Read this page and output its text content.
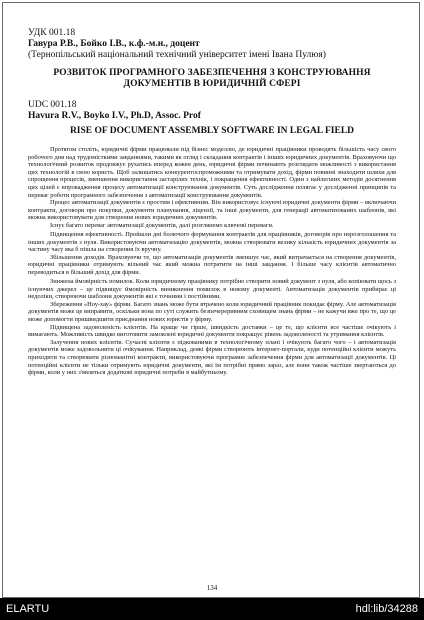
УДК 001.18

Гавура Р.В., Бойко І.В., к.ф.-м.н., доцент

(Тернопільський національний технічний університет імені Івана Пулюя)

РОЗВИТОК ПРОГРАМНОГО ЗАБЕЗПЕЧЕННЯ З КОНСТРУЮВАННЯ ДОКУМЕНТІВ В ЮРИДИЧНІЙ СФЕРІ

UDC 001.18

Havura R.V., Boyko I.V., Ph.D, Assoc. Prof

RISE OF DOCUMENT ASSEMBLY SOFTWARE IN LEGAL FIELD

Протягом століть, юридичні фірми працювали під бізнес моделлю, де юридичні працівники проводять більшість часу свого робочого дня над трудомісткими завданнями, такими як огляд і складання контрактів і інших юридичних документів. Враховуючи що технологічний розвиток продовжує рухатись вперед кожен день, юридичні фірми починають розглядати можливості з використання цих технологій в свою користь. Щоб залишатись конкурентоспроможними та отримувати дохід, фірми повинні знаходити шляхи для спрощення процесів, зменшення використання застарілих технік, і покращення ефективності. Один з найлегших методів досягнення цих цілей є впровадження процесу автоматизації конструювання документів. Суть дослідження полягає у дослідженні принципів та переваг роботи програмного забезпечення з автоматизації конструювання документів.

Процес автоматизації документів є простим і ефективним. Він використовує існуючі юридичні документи фірми – включаючи контракти, договори про покупки, документи планування, ліцензії, та інші документи, для генерації автоматизованих шаблонів, які можна використовувати для створення нових юридичних документів.

Існує багато переваг автоматизації документів, далі розглянемо ключові переваги.

Підвищення ефективності. Пройшли дні болючого формування контрактів для працівників, договорів про нерозголошення та інших документів з нуля. Використовуючи автоматизацію документів, можна створювати велику кількість юридичних документів за частину часу яка б пішла на створення їх вручну.

Збільшення доходів. Враховуючи те, що автоматизація документів зменшує час, який витрачається на створення документів, юридичні працівники отримують вільний час який можна потратити на інші завдання. І більше часу клієнтів автоматично переводиться в більший дохід для фірми.

Знижена ймовірність помилок. Коли юридичному працівнику потрібно створити новий документ з нуля, або копіювати щось з існуючих джерел – це підвищує ймовірність виникнення помилок в новому документі. Автоматизація документів прибирає ці недоліки, створюючи шаблони документів які є точними і постійними.

Збереження «Ноу-хау» фірми. Багато знань може бути втрачено коли юридичний працівник покидає фірму. Але автоматизація документів може це виправити, оскільки вона по суті служить безпечереривним сховищем знань фірми – не кажучи вже про те, що це може допомогти пришвидшити приєднання нових юристів у фірму.

Підвищена задоволеність клієнтів. На краще чи гірше, швидкість доставки – це те, що клієнти все частіше очікують і вимагають. Можливість швидко виготовити замовлені юридичні документи покращує рівень задоволеності та утримання клієнтів.

Залучення нових клієнтів. Сучасні клієнти є підкованими в технологічному плані і очікують багато чого – і автоматизація документів може задовольнити ці очікування. Наприклад, деякі фірми створюють інтернет-портали, куди потенційні клієнти можуть приходити та створювати різноманітні контракти, використовуючи програмне забезпечення фірми для автоматизації документів. Ці потенційні клієнти не тільки отримують юридичні документи, які їм потрібні прямо зараз, але вони також частіше звертаються до фірми, коли у них з'являться додаткові юридичні потреби в майбутньому.

134
ELARTU	hdl:lib/34288
